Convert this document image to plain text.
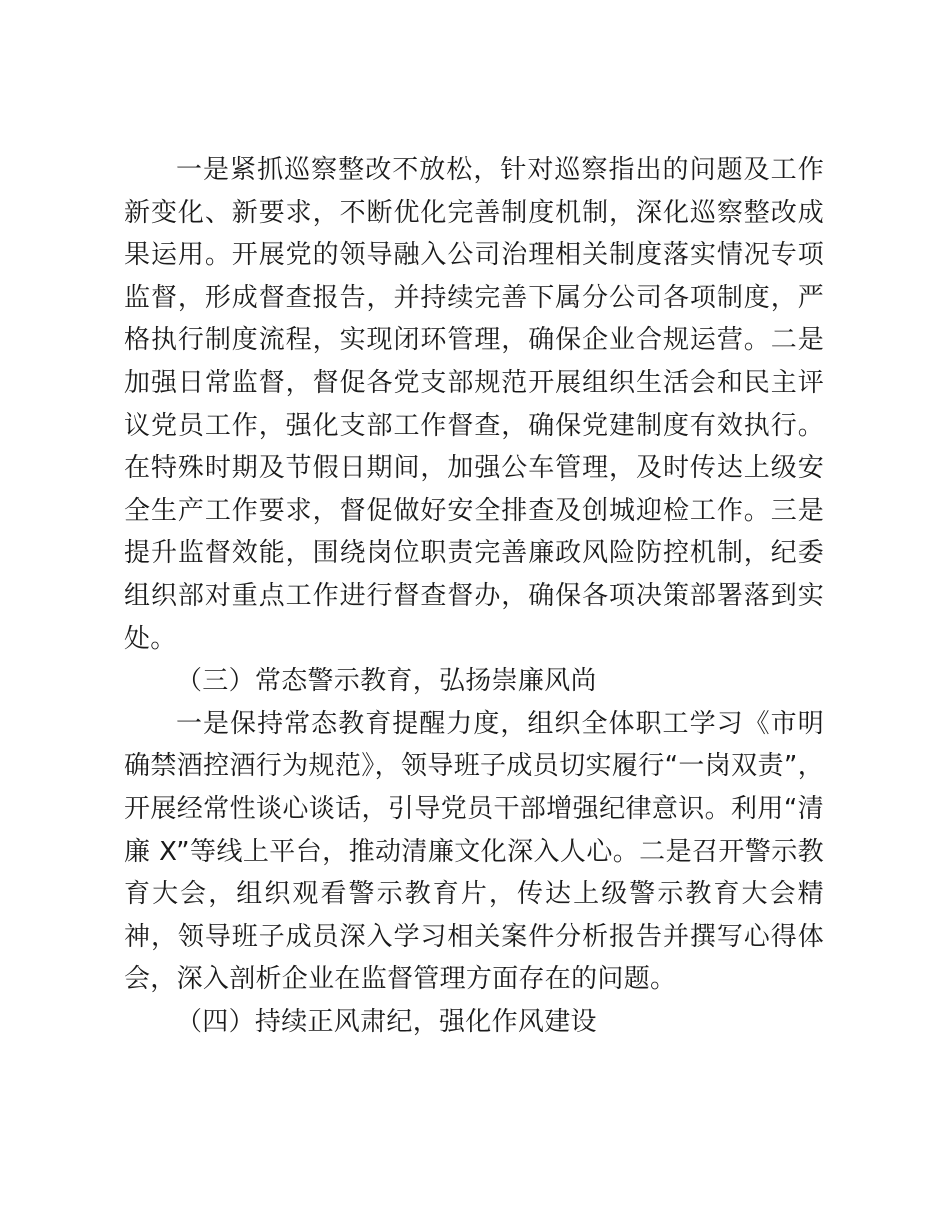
一是紧抓巡察整改不放松，针对巡察指出的问题及工作新变化、新要求，不断优化完善制度机制，深化巡察整改成果运用。开展党的领导融入公司治理相关制度落实情况专项监督，形成督查报告，并持续完善下属分公司各项制度，严格执行制度流程，实现闭环管理，确保企业合规运营。二是加强日常监督，督促各党支部规范开展组织生活会和民主评议党员工作，强化支部工作督查，确保党建制度有效执行。在特殊时期及节假日期间，加强公车管理，及时传达上级安全生产工作要求，督促做好安全排查及创城迎检工作。三是提升监督效能，围绕岗位职责完善廉政风险防控机制，纪委组织部对重点工作进行督查督办，确保各项决策部署落到实处。

（三）常态警示教育，弘扬崇廉风尚

一是保持常态教育提醒力度，组织全体职工学习《市明确禁酒控酒行为规范》，领导班子成员切实履行“一岗双责”，开展经常性谈心谈话，引导党员干部增强纪律意识。利用“清廉 X”等线上平台，推动清廉文化深入人心。二是召开警示教育大会，组织观看警示教育片，传达上级警示教育大会精神，领导班子成员深入学习相关案件分析报告并撰写心得体会，深入剖析企业在监督管理方面存在的问题。

（四）持续正风肃纪，强化作风建设
